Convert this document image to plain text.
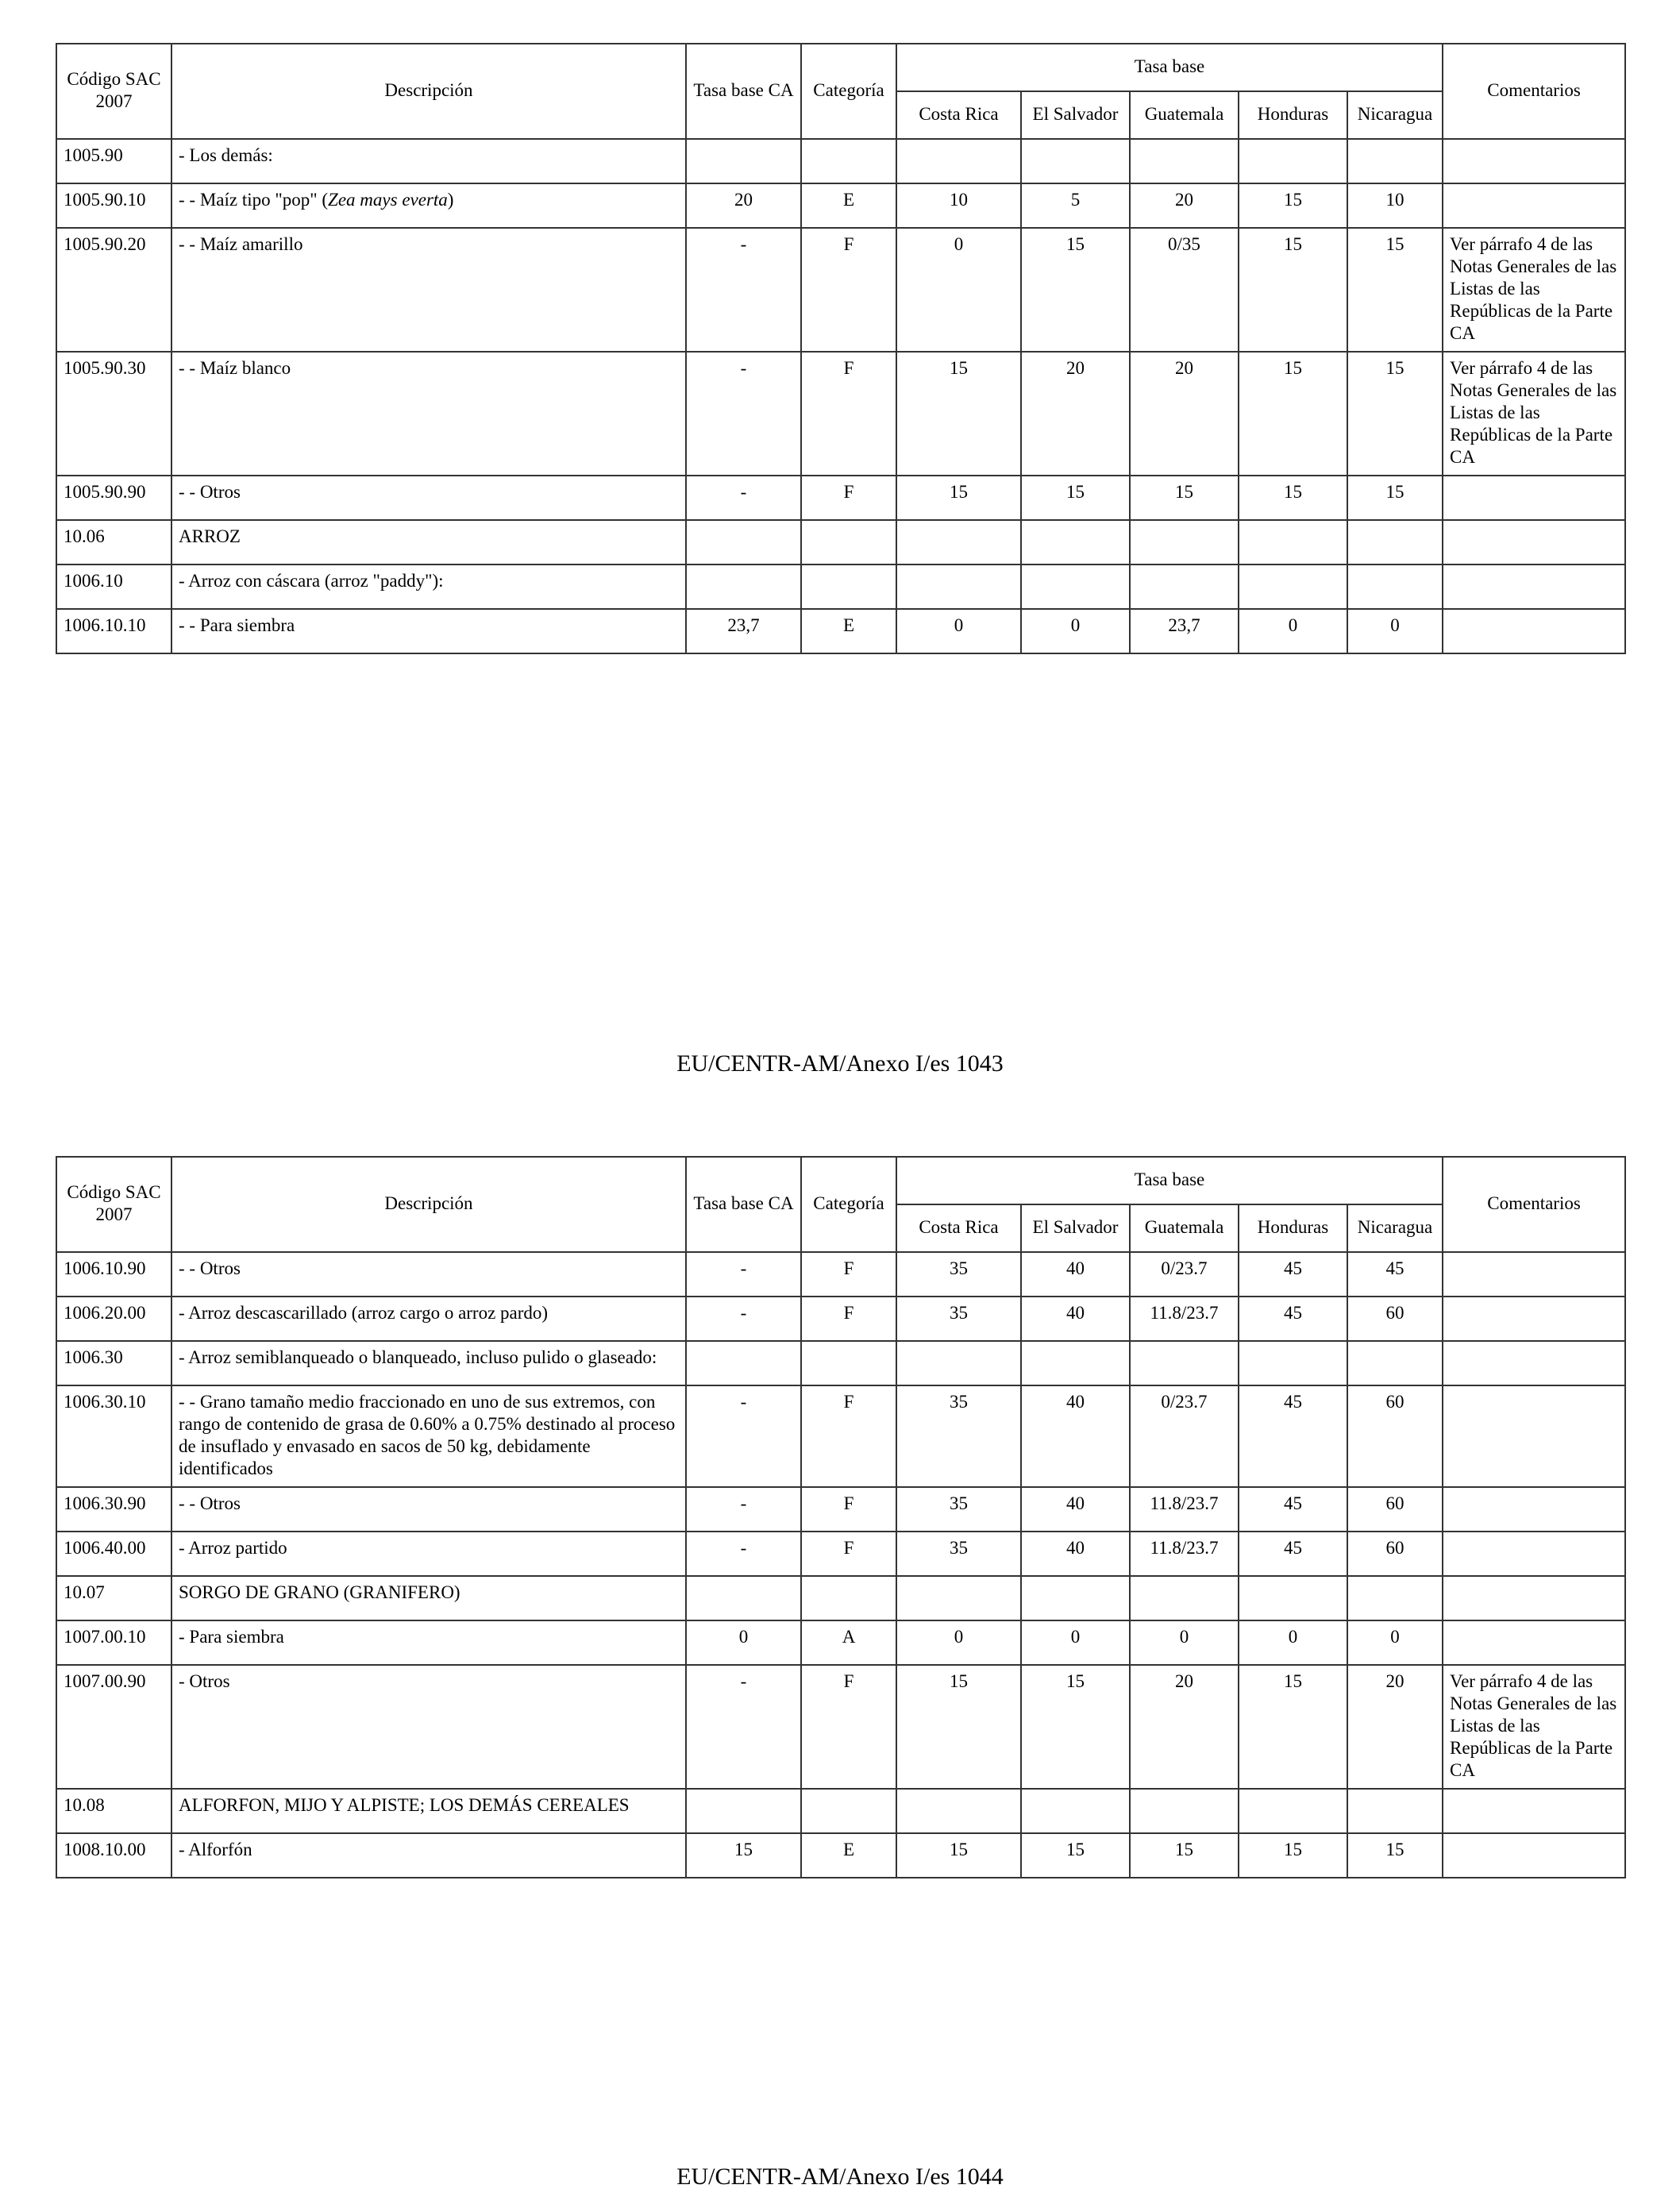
Código SAC 2007	Descripción	Tasa base CA	Categoría	Tasa base					Comentarios
				Costa Rica	El Salvador	Guatemala	Honduras	Nicaragua	
1005.90	- Los demás:								
1005.90.10	- - Maíz tipo "pop" (Zea mays everta)	20	E	10	5	20	15	10	
1005.90.20	- - Maíz amarillo	-	F	0	15	0/35	15	15	Ver párrafo 4 de las Notas Generales de las Listas de las Repúblicas de la Parte CA
1005.90.30	- - Maíz blanco	-	F	15	20	20	15	15	Ver párrafo 4 de las Notas Generales de las Listas de las Repúblicas de la Parte CA
1005.90.90	- - Otros	-	F	15	15	15	15	15	
10.06	ARROZ								
1006.10	- Arroz con cáscara (arroz "paddy"):								
1006.10.10	- - Para siembra	23,7	E	0	0	23,7	0	0	
EU/CENTR-AM/Anexo I/es 1043
Código SAC 2007	Descripción	Tasa base CA	Categoría	Tasa base					Comentarios
				Costa Rica	El Salvador	Guatemala	Honduras	Nicaragua	
1006.10.90	- - Otros	-	F	35	40	0/23.7	45	45	
1006.20.00	- Arroz descascarillado (arroz cargo o arroz pardo)	-	F	35	40	11.8/23.7	45	60	
1006.30	- Arroz semiblanqueado o blanqueado, incluso pulido o glaseado:								
1006.30.10	- - Grano tamaño medio fraccionado en uno de sus extremos, con rango de contenido de grasa de 0.60% a 0.75% destinado al proceso de insuflado y envasado en sacos de 50 kg, debidamente identificados	-	F	35	40	0/23.7	45	60	
1006.30.90	- - Otros	-	F	35	40	11.8/23.7	45	60	
1006.40.00	- Arroz partido	-	F	35	40	11.8/23.7	45	60	
10.07	SORGO DE GRANO (GRANIFERO)								
1007.00.10	- Para siembra	0	A	0	0	0	0	0	
1007.00.90	- Otros	-	F	15	15	20	15	20	Ver párrafo 4 de las Notas Generales de las Listas de las Repúblicas de la Parte CA
10.08	ALFORFON, MIJO Y ALPISTE; LOS DEMÁS CEREALES								
1008.10.00	- Alforfón	15	E	15	15	15	15	15	
EU/CENTR-AM/Anexo I/es 1044
